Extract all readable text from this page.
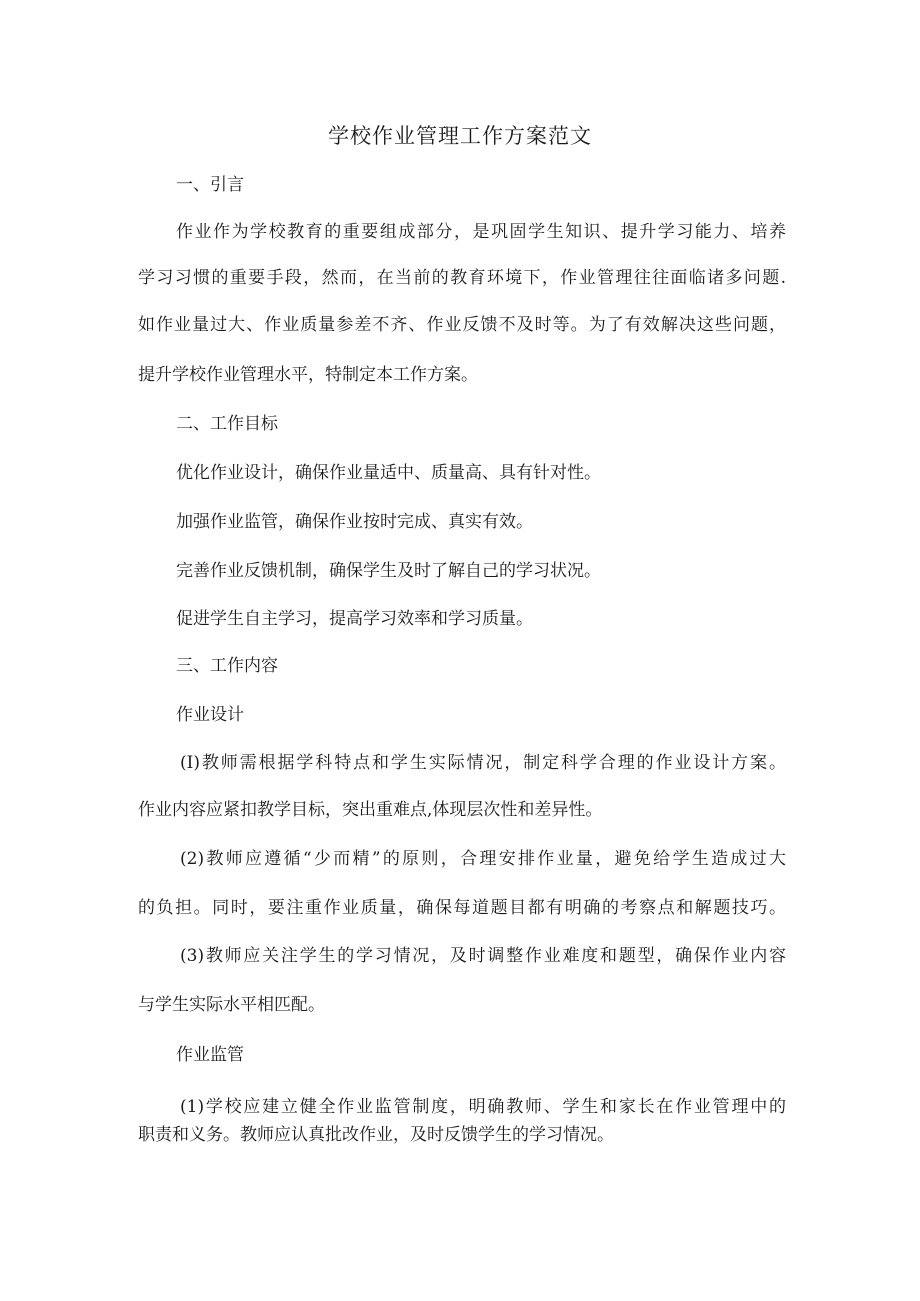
学校作业管理工作方案范文
一、引言
作业作为学校教育的重要组成部分，是巩固学生知识、提升学习能力、培养
学习习惯的重要手段，然而，在当前的教育环境下，作业管理往往面临诸多问题.
如作业量过大、作业质量参差不齐、作业反馈不及时等。为了有效解决这些问题，
提升学校作业管理水平，特制定本工作方案。
二、工作目标
优化作业设计，确保作业量适中、质量高、具有针对性。
加强作业监管，确保作业按时完成、真实有效。
完善作业反馈机制，确保学生及时了解自己的学习状况。
促进学生自主学习，提高学习效率和学习质量。
三、工作内容
作业设计
(I)教师需根据学科特点和学生实际情况，制定科学合理的作业设计方案。
作业内容应紧扣教学目标，突出重难点,体现层次性和差异性。
(2)教师应遵循“少而精”的原则，合理安排作业量，避免给学生造成过大
的负担。同时，要注重作业质量，确保每道题目都有明确的考察点和解题技巧。
(3)教师应关注学生的学习情况，及时调整作业难度和题型，确保作业内容
与学生实际水平相匹配。
作业监管
(1)学校应建立健全作业监管制度，明确教师、学生和家长在作业管理中的
职责和义务。教师应认真批改作业，及时反馈学生的学习情况。
